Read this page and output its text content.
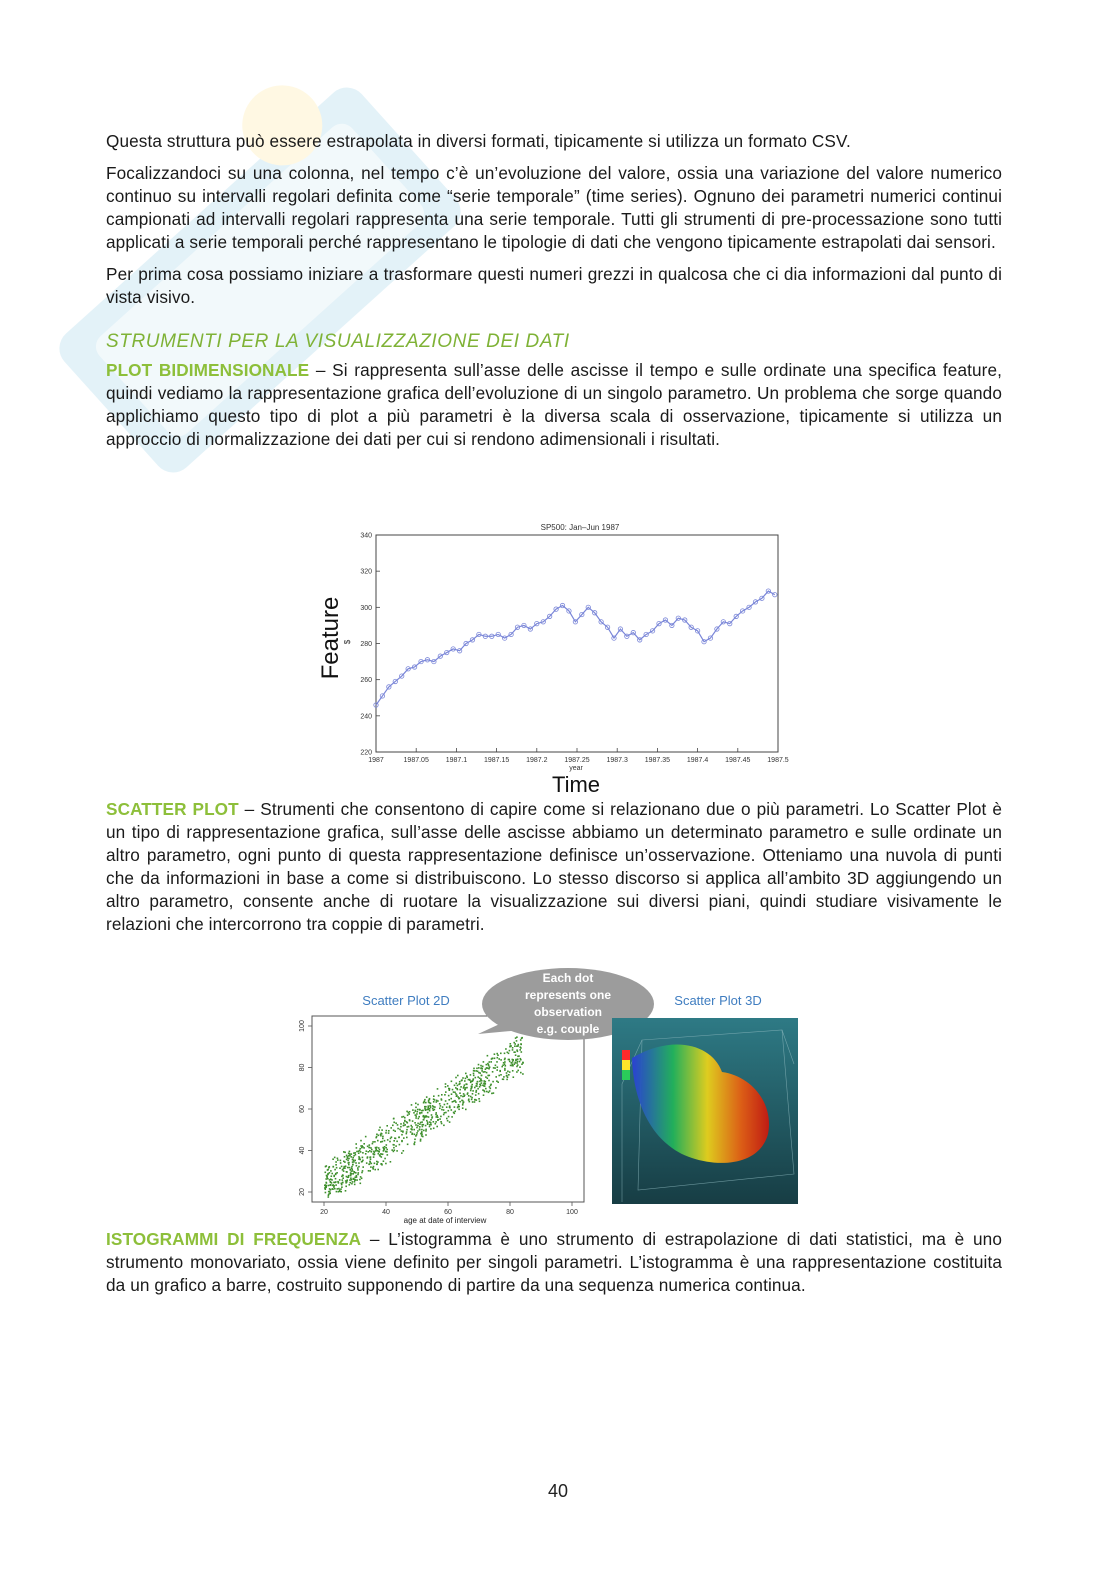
Questa struttura può essere estrapolata in diversi formati, tipicamente si utilizza un formato CSV.

Focalizzandoci su una colonna, nel tempo c’è un’evoluzione del valore, ossia una variazione del valore numerico continuo su intervalli regolari definita come “serie temporale” (time series). Ognuno dei parametri numerici continui campionati ad intervalli regolari rappresenta una serie temporale. Tutti gli strumenti di pre-processazione sono tutti applicati a serie temporali perché rappresentano le tipologie di dati che vengono tipicamente estrapolati dai sensori.

Per prima cosa possiamo iniziare a trasformare questi numeri grezzi in qualcosa che ci dia informazioni dal punto di vista visivo.

STRUMENTI PER LA VISUALIZZAZIONE DEI DATI

PLOT BIDIMENSIONALE – Si rappresenta sull’asse delle ascisse il tempo e sulle ordinate una specifica feature, quindi vediamo la rappresentazione grafica dell’evoluzione di un singolo parametro. Un problema che sorge quando applichiamo questo tipo di plot a più parametri è la diversa scala di osservazione, tipicamente si utilizza un approccio di normalizzazione dei dati per cui si rendono adimensionali i risultati.

SP500: Jan–Jun 1987
340
320
300
280
260
240
220
1987	1987.05 1987.1 1987.15 1987.2 1987.25 1987.3 1987.35 1987.4 1987.45 1987.5
Feature $
year
Time

SCATTER PLOT – Strumenti che consentono di capire come si relazionano due o più parametri. Lo Scatter Plot è un tipo di rappresentazione grafica, sull’asse delle ascisse abbiamo un determinato parametro e sulle ordinate un altro parametro, ogni punto di questa rappresentazione definisce un’osservazione. Otteniamo una nuvola di punti che da informazioni in base a come si distribuiscono. Lo stesso discorso si applica all’ambito 3D aggiungendo un altro parametro, consente anche di ruotare la visualizzazione sui diversi piani, quindi studiare visivamente le relazioni che intercorrono tra coppie di parametri.

Scatter Plot 2D	Scatter Plot 3D
20
40
60
80
100
20	40	60	80	100
age at date of interview
Each dot
represents one
observation
e.g. couple

ISTOGRAMMI DI FREQUENZA – L’istogramma è uno strumento di estrapolazione di dati statistici, ma è uno strumento monovariato, ossia viene definito per singoli parametri. L’istogramma è una rappresentazione costituita da un grafico a barre, costruito supponendo di partire da una sequenza numerica continua.

40
